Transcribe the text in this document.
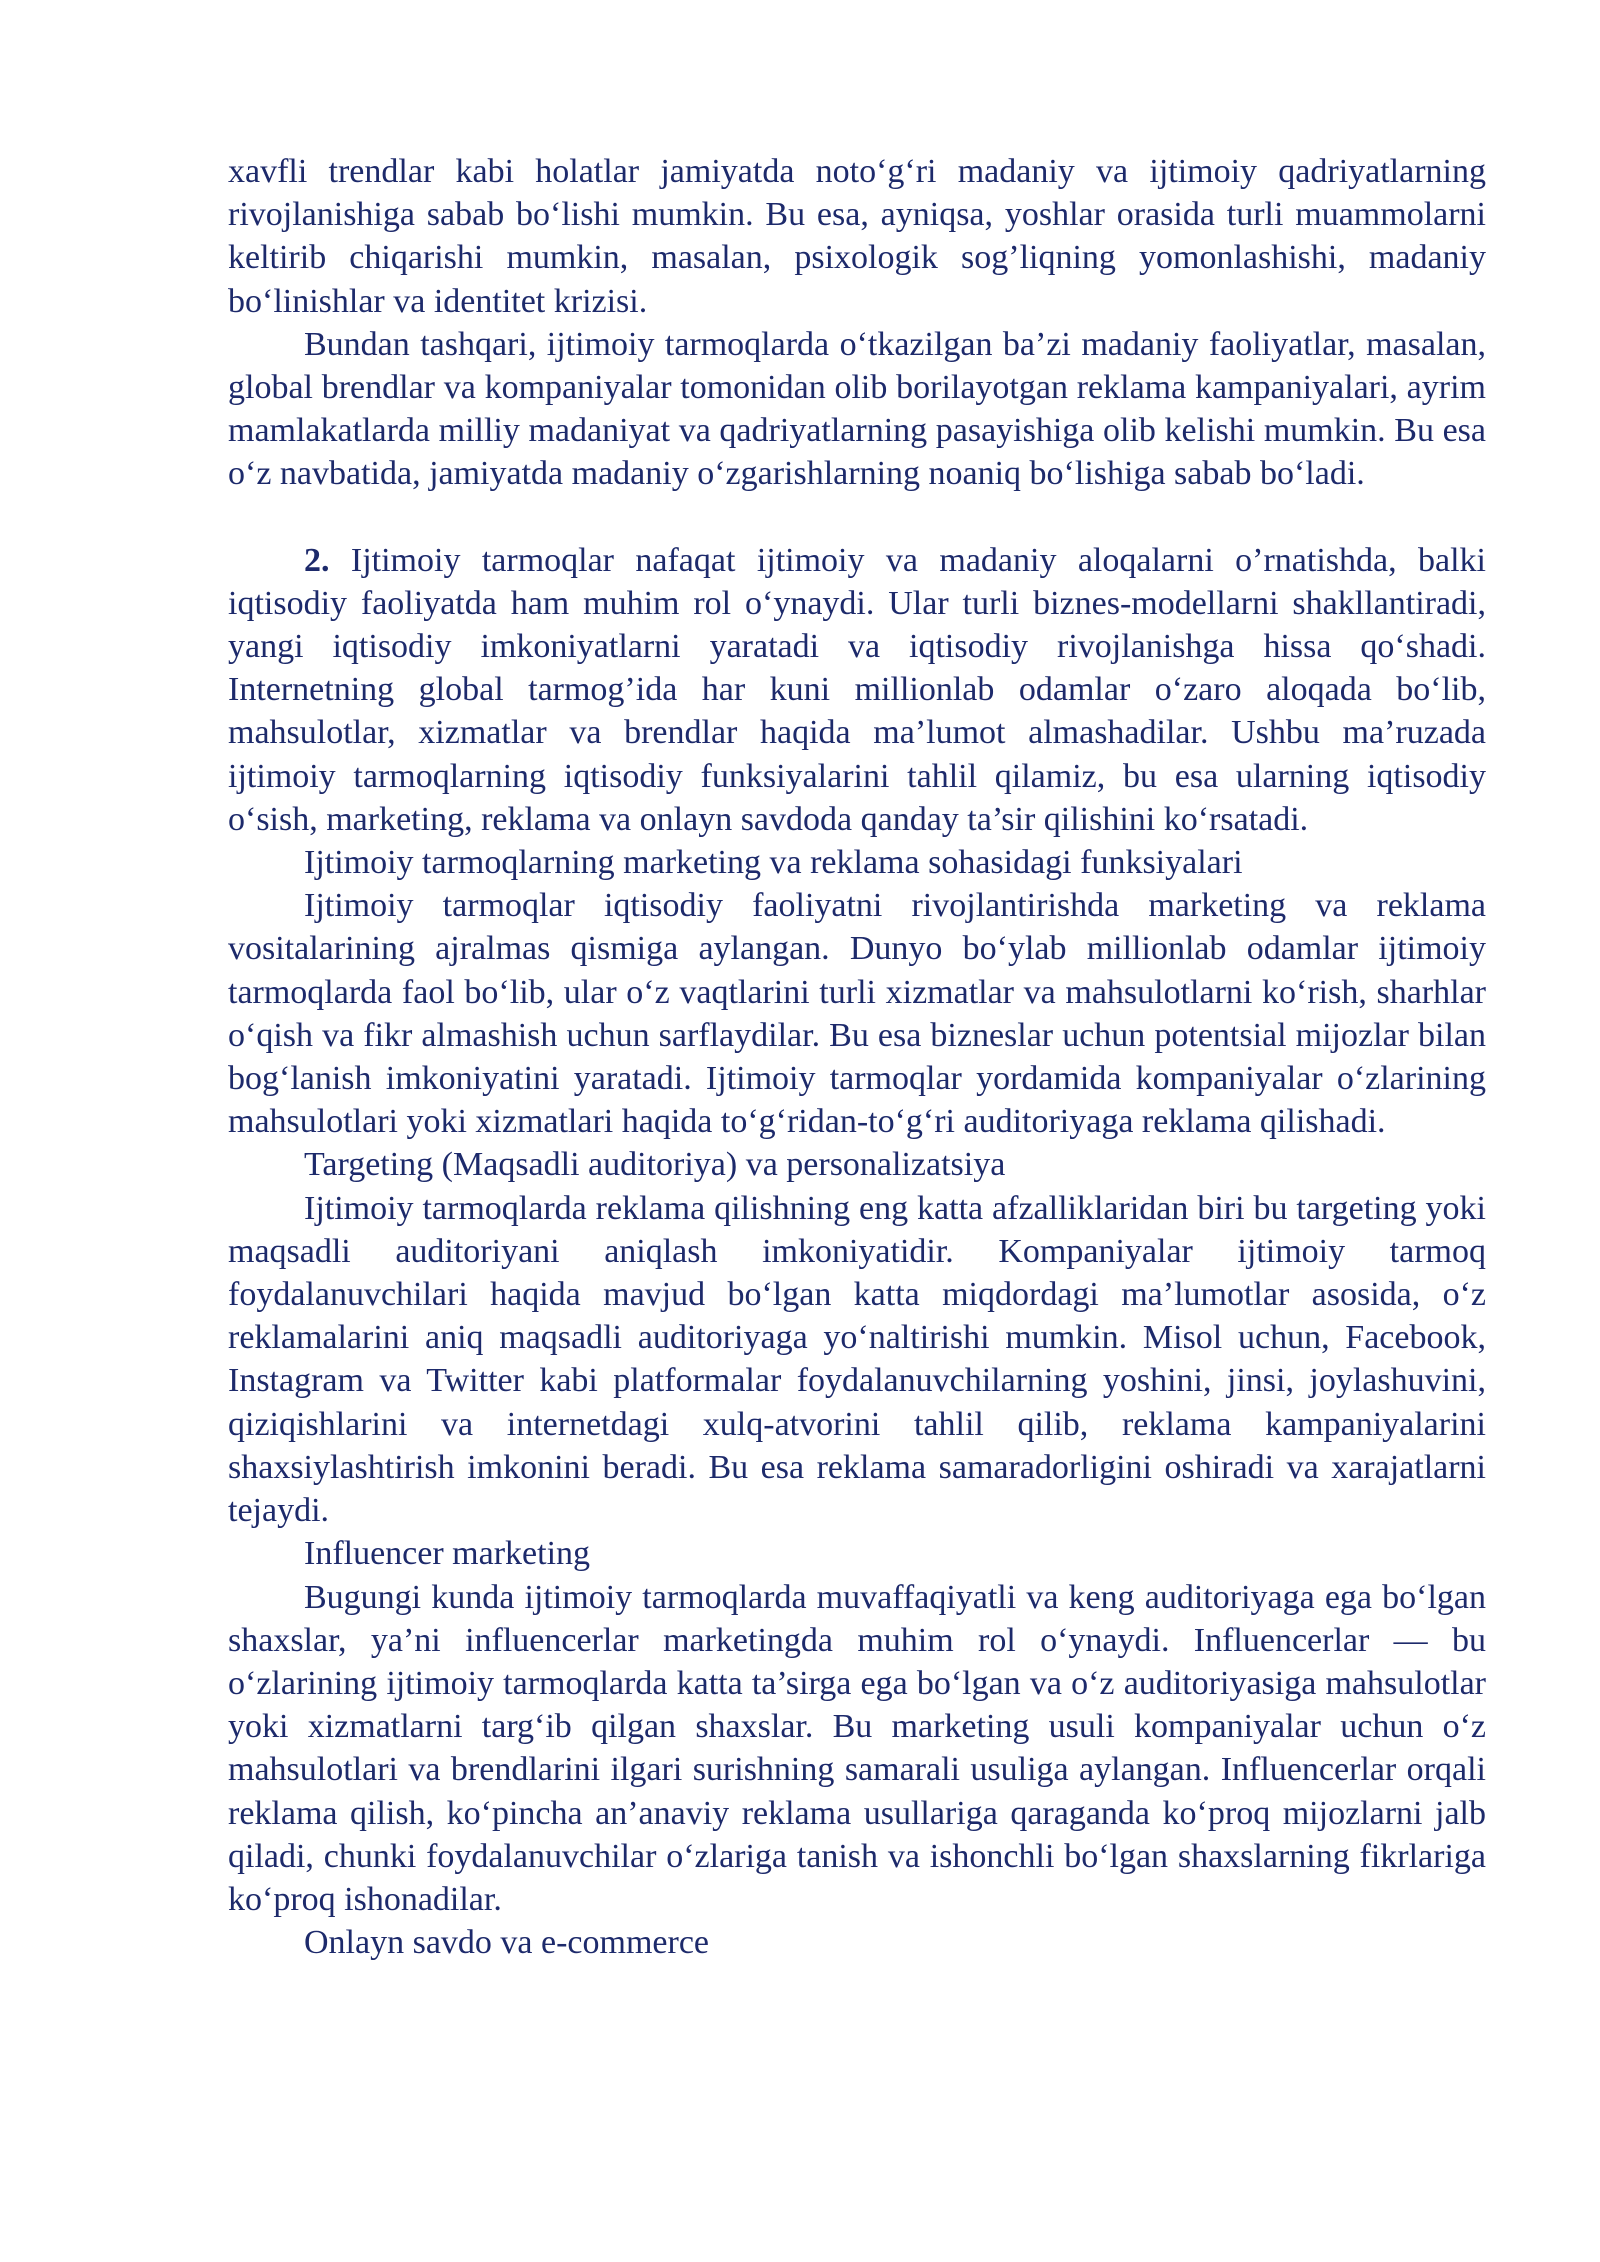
xavfli trendlar kabi holatlar jamiyatda noto‘g‘ri madaniy va ijtimoiy qadriyatlarning rivojlanishiga sabab bo‘lishi mumkin. Bu esa, ayniqsa, yoshlar orasida turli muammolarni keltirib chiqarishi mumkin, masalan, psixologik sog’liqning yomonlashishi, madaniy bo‘linishlar va identitet krizisi.

Bundan tashqari, ijtimoiy tarmoqlarda o‘tkazilgan ba’zi madaniy faoliyatlar, masalan, global brendlar va kompaniyalar tomonidan olib borilayotgan reklama kampaniyalari, ayrim mamlakatlarda milliy madaniyat va qadriyatlarning pasayishiga olib kelishi mumkin. Bu esa o‘z navbatida, jamiyatda madaniy o‘zgarishlarning noaniq bo‘lishiga sabab bo‘ladi.

2. Ijtimoiy tarmoqlar nafaqat ijtimoiy va madaniy aloqalarni o’rnatishda, balki iqtisodiy faoliyatda ham muhim rol o‘ynaydi. Ular turli biznes-modellarni shakllantiradi, yangi iqtisodiy imkoniyatlarni yaratadi va iqtisodiy rivojlanishga hissa qo‘shadi. Internetning global tarmog’ida har kuni millionlab odamlar o‘zaro aloqada bo‘lib, mahsulotlar, xizmatlar va brendlar haqida ma’lumot almashadilar. Ushbu ma’ruzada ijtimoiy tarmoqlarning iqtisodiy funksiyalarini tahlil qilamiz, bu esa ularning iqtisodiy o‘sish, marketing, reklama va onlayn savdoda qanday ta’sir qilishini ko‘rsatadi.

Ijtimoiy tarmoqlarning marketing va reklama sohasidagi funksiyalari

Ijtimoiy tarmoqlar iqtisodiy faoliyatni rivojlantirishda marketing va reklama vositalarining ajralmas qismiga aylangan. Dunyo bo‘ylab millionlab odamlar ijtimoiy tarmoqlarda faol bo‘lib, ular o‘z vaqtlarini turli xizmatlar va mahsulotlarni ko‘rish, sharhlar o‘qish va fikr almashish uchun sarflaydilar. Bu esa bizneslar uchun potentsial mijozlar bilan bog‘lanish imkoniyatini yaratadi. Ijtimoiy tarmoqlar yordamida kompaniyalar o‘zlarining mahsulotlari yoki xizmatlari haqida to‘g‘ridan-to‘g‘ri auditoriyaga reklama qilishadi.

Targeting (Maqsadli auditoriya) va personalizatsiya

Ijtimoiy tarmoqlarda reklama qilishning eng katta afzalliklaridan biri bu targeting yoki maqsadli auditoriyani aniqlash imkoniyatidir. Kompaniyalar ijtimoiy tarmoq foydalanuvchilari haqida mavjud bo‘lgan katta miqdordagi ma’lumotlar asosida, o‘z reklamalarini aniq maqsadli auditoriyaga yo‘naltirishi mumkin. Misol uchun, Facebook, Instagram va Twitter kabi platformalar foydalanuvchilarning yoshini, jinsi, joylashuvini, qiziqishlarini va internetdagi xulq-atvorini tahlil qilib, reklama kampaniyalarini shaxsiylashtirish imkonini beradi. Bu esa reklama samaradorligini oshiradi va xarajatlarni tejaydi.

Influencer marketing

Bugungi kunda ijtimoiy tarmoqlarda muvaffaqiyatli va keng auditoriyaga ega bo‘lgan shaxslar, ya’ni influencerlar marketingda muhim rol o‘ynaydi. Influencerlar — bu o‘zlarining ijtimoiy tarmoqlarda katta ta’sirga ega bo‘lgan va o‘z auditoriyasiga mahsulotlar yoki xizmatlarni targ‘ib qilgan shaxslar. Bu marketing usuli kompaniyalar uchun o‘z mahsulotlari va brendlarini ilgari surishning samarali usuliga aylangan. Influencerlar orqali reklama qilish, ko‘pincha an’anaviy reklama usullariga qaraganda ko‘proq mijozlarni jalb qiladi, chunki foydalanuvchilar o‘zlariga tanish va ishonchli bo‘lgan shaxslarning fikrlariga ko‘proq ishonadilar.

Onlayn savdo va e-commerce
